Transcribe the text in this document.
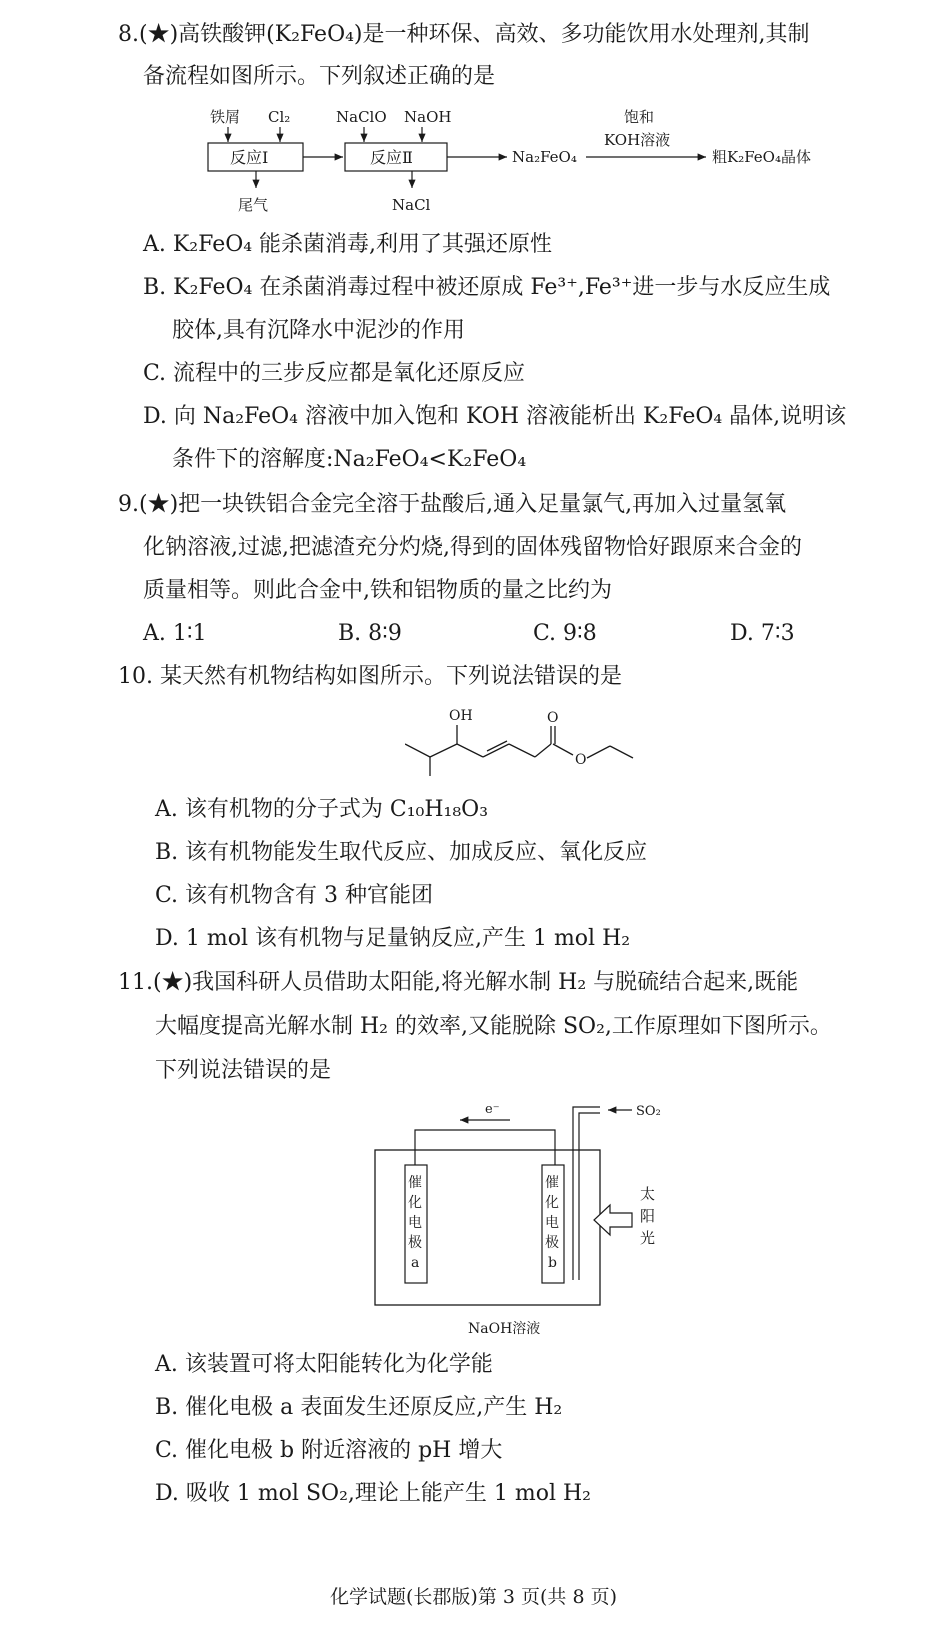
8.(★)高铁酸钾(K₂FeO₄)是一种环保、高效、多功能饮用水处理剂,其制
备流程如图所示。下列叙述正确的是
铁屑 Cl₂
反应Ⅰ
尾气
NaClO NaOH
反应Ⅱ
NaCl
Na₂FeO₄
饱和
KOH溶液
粗K₂FeO₄晶体
A. K₂FeO₄ 能杀菌消毒,利用了其强还原性
B. K₂FeO₄ 在杀菌消毒过程中被还原成 Fe³⁺,Fe³⁺进一步与水反应生成
胶体,具有沉降水中泥沙的作用
C. 流程中的三步反应都是氧化还原反应
D. 向 Na₂FeO₄ 溶液中加入饱和 KOH 溶液能析出 K₂FeO₄ 晶体,说明该
条件下的溶解度:Na₂FeO₄<K₂FeO₄
9.(★)把一块铁铝合金完全溶于盐酸后,通入足量氯气,再加入过量氢氧
化钠溶液,过滤,把滤渣充分灼烧,得到的固体残留物恰好跟原来合金的
质量相等。则此合金中,铁和铝物质的量之比约为
A. 1∶1	B. 8∶9	C. 9∶8	D. 7∶3
10. 某天然有机物结构如图所示。下列说法错误的是
OH	O
O
A. 该有机物的分子式为 C₁₀H₁₈O₃
B. 该有机物能发生取代反应、加成反应、氧化反应
C. 该有机物含有 3 种官能团
D. 1 mol 该有机物与足量钠反应,产生 1 mol H₂
11.(★)我国科研人员借助太阳能,将光解水制 H₂ 与脱硫结合起来,既能
大幅度提高光解水制 H₂ 的效率,又能脱除 SO₂,工作原理如下图所示。
下列说法错误的是
e⁻
催
化
电
极
a
催
化
电
极
b
SO₂
太
阳
光
NaOH溶液
A. 该装置可将太阳能转化为化学能
B. 催化电极 a 表面发生还原反应,产生 H₂
C. 催化电极 b 附近溶液的 pH 增大
D. 吸收 1 mol SO₂,理论上能产生 1 mol H₂
化学试题(长郡版)第 3 页(共 8 页)
